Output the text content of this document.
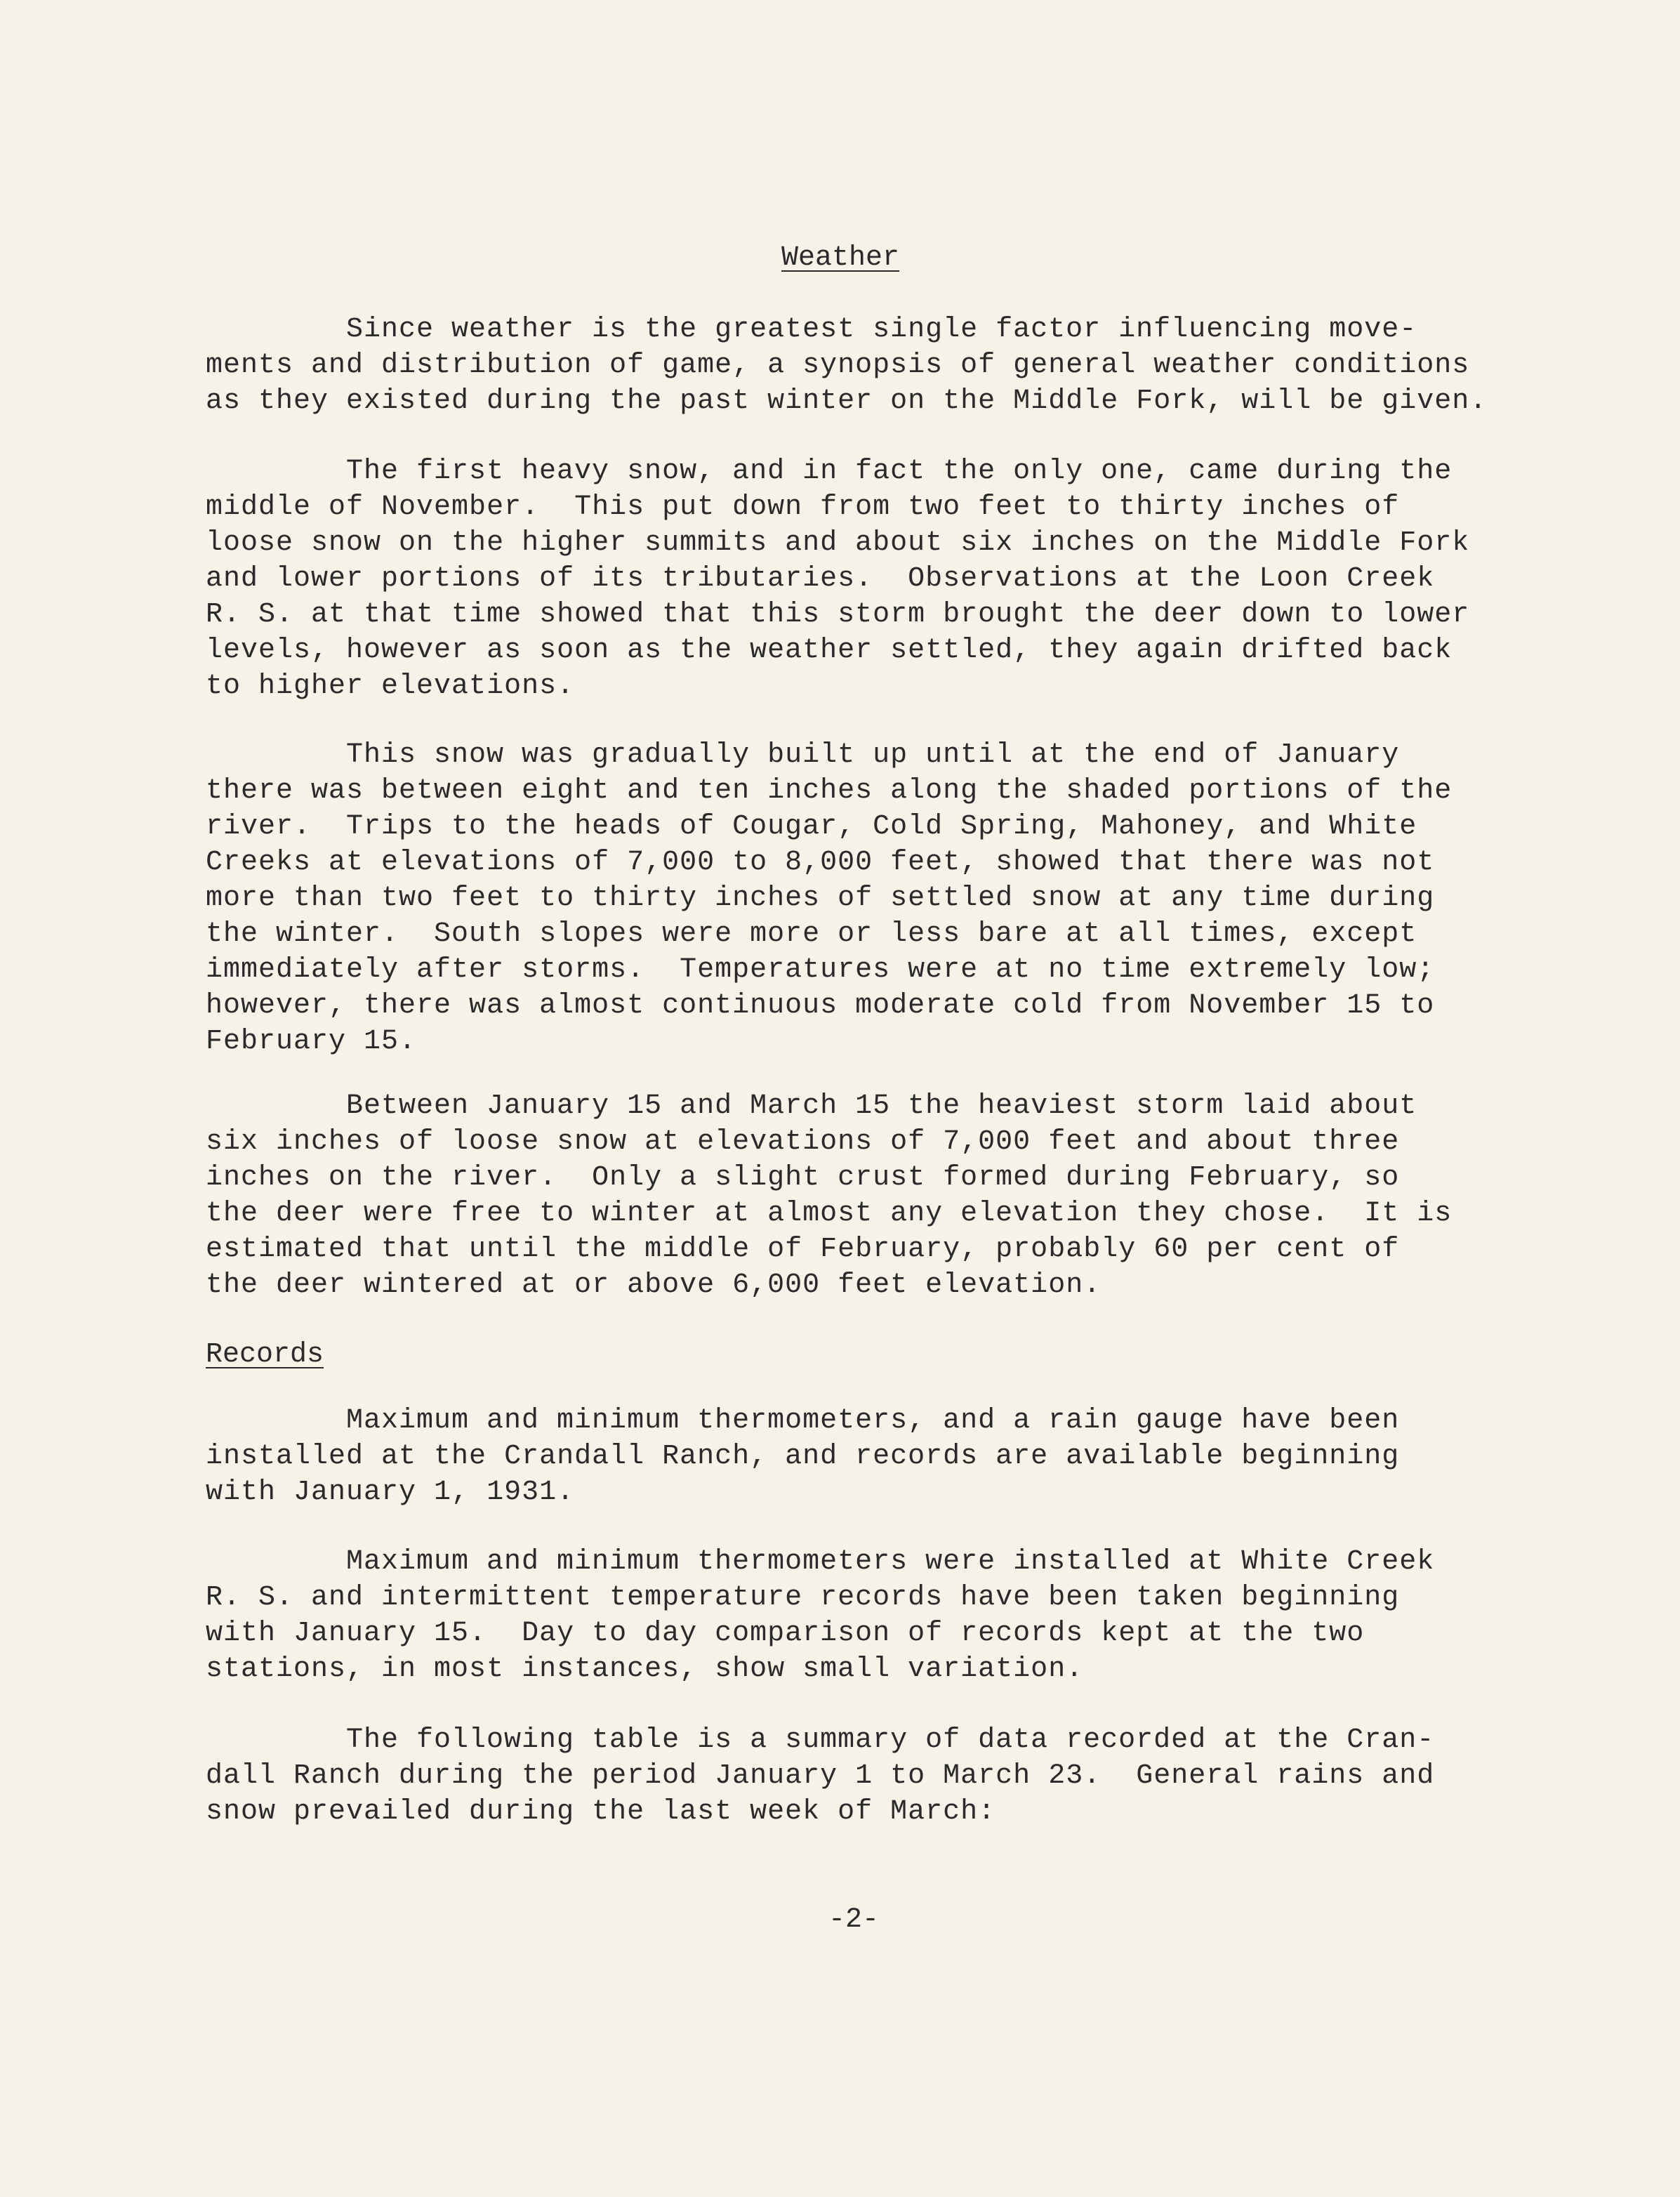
Weather
Since weather is the greatest single factor influencing move-
ments and distribution of game, a synopsis of general weather conditions
as they existed during the past winter on the Middle Fork, will be given.
The first heavy snow, and in fact the only one, came during the
middle of November.  This put down from two feet to thirty inches of
loose snow on the higher summits and about six inches on the Middle Fork
and lower portions of its tributaries.  Observations at the Loon Creek
R. S. at that time showed that this storm brought the deer down to lower
levels, however as soon as the weather settled, they again drifted back
to higher elevations.
This snow was gradually built up until at the end of January
there was between eight and ten inches along the shaded portions of the
river.  Trips to the heads of Cougar, Cold Spring, Mahoney, and White
Creeks at elevations of 7,000 to 8,000 feet, showed that there was not
more than two feet to thirty inches of settled snow at any time during
the winter.  South slopes were more or less bare at all times, except
immediately after storms.  Temperatures were at no time extremely low;
however, there was almost continuous moderate cold from November 15 to
February 15.
Between January 15 and March 15 the heaviest storm laid about
six inches of loose snow at elevations of 7,000 feet and about three
inches on the river.  Only a slight crust formed during February, so
the deer were free to winter at almost any elevation they chose.  It is
estimated that until the middle of February, probably 60 per cent of
the deer wintered at or above 6,000 feet elevation.
Records
Maximum and minimum thermometers, and a rain gauge have been
installed at the Crandall Ranch, and records are available beginning
with January 1, 1931.
Maximum and minimum thermometers were installed at White Creek
R. S. and intermittent temperature records have been taken beginning
with January 15.  Day to day comparison of records kept at the two
stations, in most instances, show small variation.
The following table is a summary of data recorded at the Cran-
dall Ranch during the period January 1 to March 23.  General rains and
snow prevailed during the last week of March:
-2-
